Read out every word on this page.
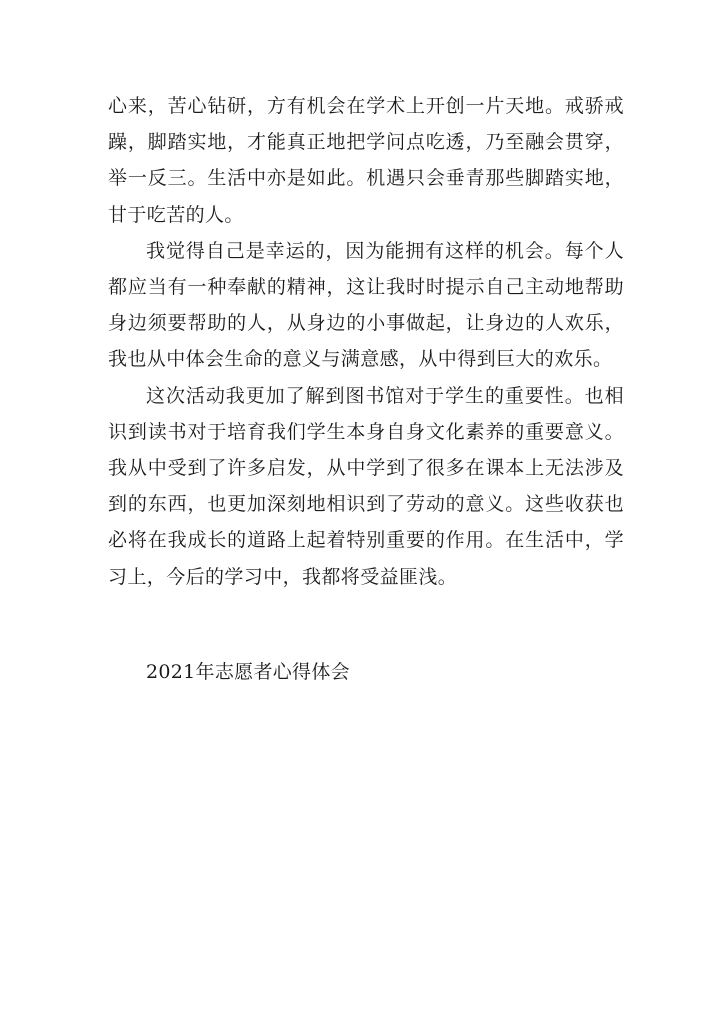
心来，苦心钻研，方有机会在学术上开创一片天地。戒骄戒躁，脚踏实地，才能真正地把学问点吃透，乃至融会贯穿，举一反三。生活中亦是如此。机遇只会垂青那些脚踏实地，甘于吃苦的人。

我觉得自己是幸运的，因为能拥有这样的机会。每个人都应当有一种奉献的精神，这让我时时提示自己主动地帮助身边须要帮助的人，从身边的小事做起，让身边的人欢乐，我也从中体会生命的意义与满意感，从中得到巨大的欢乐。

这次活动我更加了解到图书馆对于学生的重要性。也相识到读书对于培育我们学生本身自身文化素养的重要意义。我从中受到了许多启发，从中学到了很多在课本上无法涉及到的东西，也更加深刻地相识到了劳动的意义。这些收获也必将在我成长的道路上起着特别重要的作用。在生活中，学习上，今后的学习中，我都将受益匪浅。

2021年志愿者心得体会
